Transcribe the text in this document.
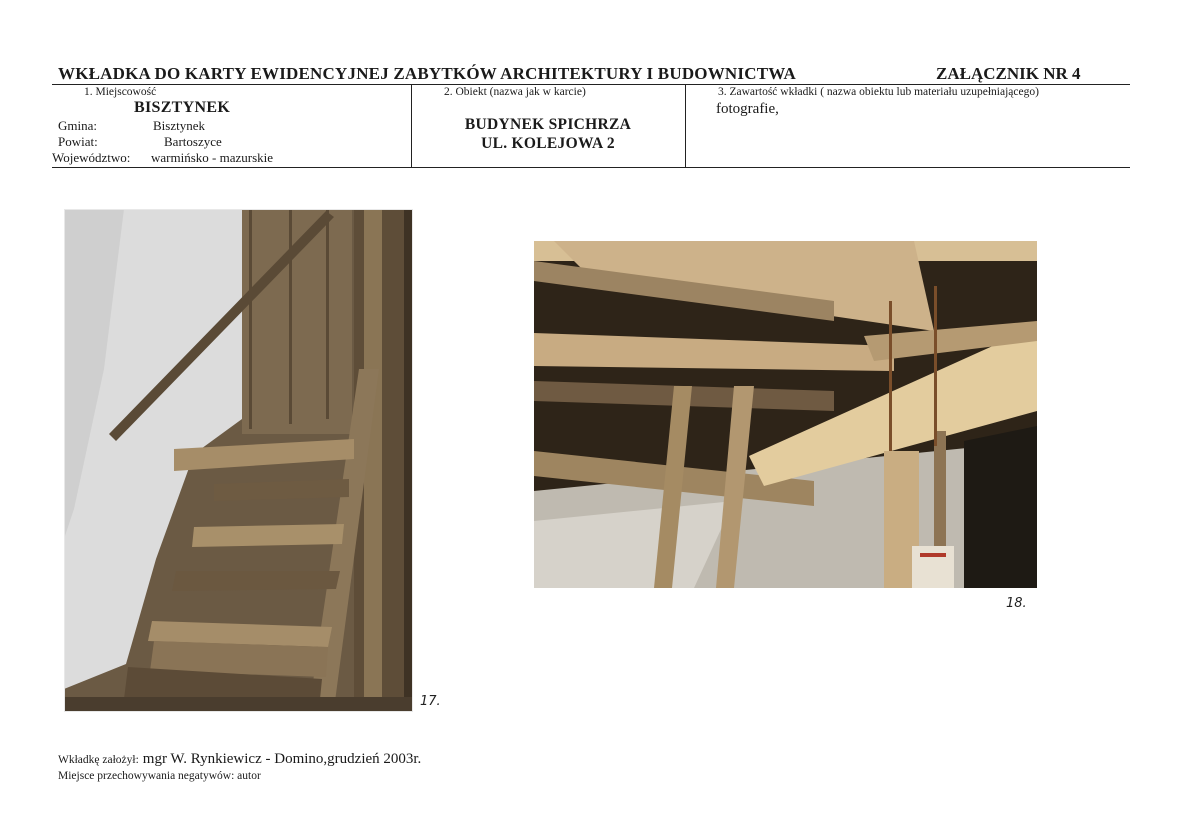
WKŁADKA DO KARTY EWIDENCYJNEJ ZABYTKÓW ARCHITEKTURY I BUDOWNICTWA	ZAŁĄCZNIK NR 4
1. Miejscowość
BISZTYNEK
Gmina:	Bisztynek
Powiat:	Bartoszyce
Województwo: warmińsko - mazurskie
2. Obiekt (nazwa jak w karcie)
BUDYNEK SPICHRZA
UL. KOLEJOWA 2
3. Zawartość wkładki ( nazwa obiektu lub materiału uzupełniającego)
fotografie,
17.
18.
Wkładkę założył: mgr W. Rynkiewicz - Domino,grudzień 2003r.
Miejsce przechowywania negatywów: autor
